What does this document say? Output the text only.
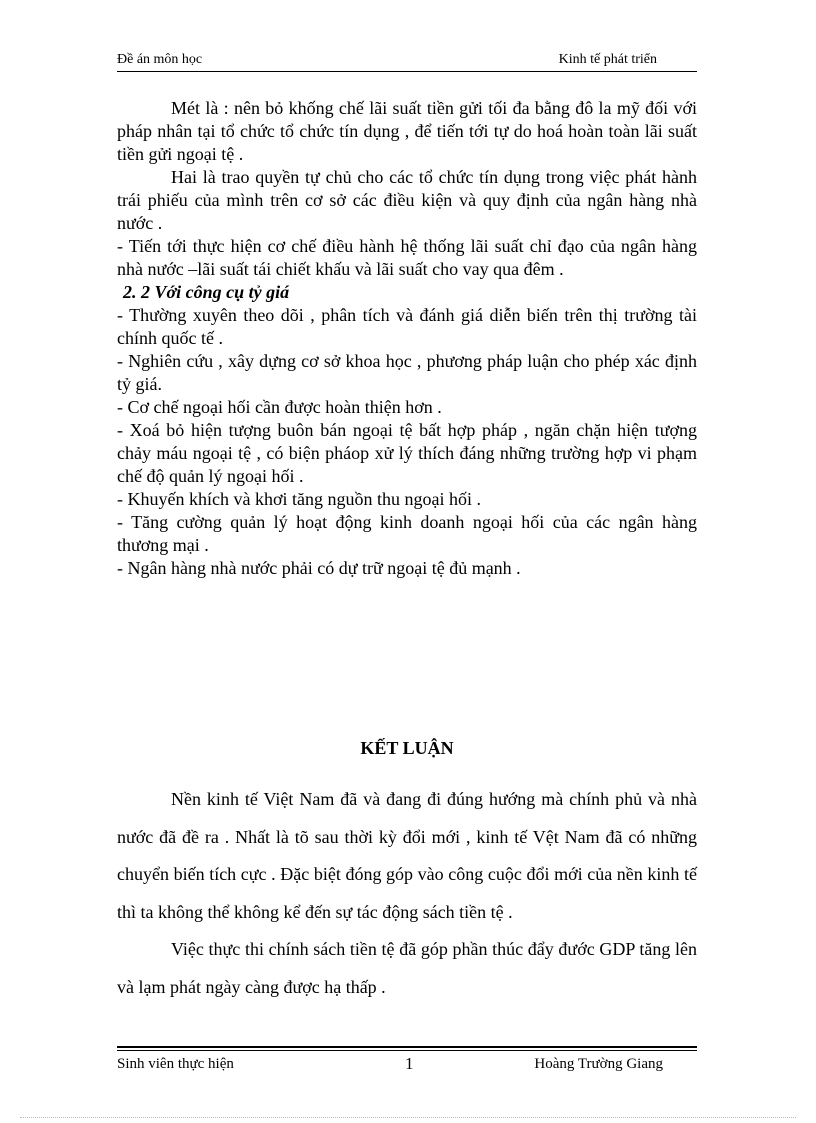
Đề án môn học	Kinh tế phát triển

Mét là : nên bỏ khống chế lãi suất tiền gửi tối đa bằng đô la mỹ đối với pháp nhân tại tổ chức tổ chức tín dụng , để tiến tới tự do hoá hoàn toàn lãi suất tiền gửi ngoại tệ .

Hai là trao quyền tự chủ cho các tổ chức tín dụng trong việc phát hành trái phiếu của mình trên cơ sở các điều kiện và quy định của ngân hàng nhà nước .

- Tiến tới thực hiện cơ chế điều hành hệ thống lãi suất chỉ đạo của ngân hàng nhà nước –lãi suất tái chiết khấu và lãi suất cho vay qua đêm .

2. 2 Với công cụ tỷ giá

- Thường xuyên theo dõi , phân tích và đánh giá diễn biến trên thị trường tài chính quốc tế .

- Nghiên cứu , xây dựng cơ sở khoa học , phương pháp luận cho phép xác định tỷ giá.

- Cơ chế ngoại hối cần được hoàn thiện hơn .

- Xoá bỏ hiện tượng buôn bán ngoại tệ bất hợp pháp , ngăn chặn hiện tượng chảy máu ngoại tệ , có biện pháop xử lý thích đáng những trường hợp vi phạm chế độ quản lý ngoại hối .

- Khuyến khích và khơi tăng nguồn thu ngoại hối .

- Tăng cường quản lý hoạt động kinh doanh ngoại hối của các ngân hàng thương mại .

- Ngân hàng nhà nước phải có dự trữ ngoại tệ đủ mạnh .

KẾT LUẬN

Nền kinh tế Việt Nam đã và đang đi đúng hướng mà chính phủ và nhà nước đã đề ra . Nhất là tõ sau thời kỳ đổi mới , kinh tế Vệt Nam đã có những chuyển biến tích cực . Đặc biệt đóng góp vào công cuộc đổi mới của nền kinh tế thì ta không thể không kể đến sự tác động sách tiền tệ .

Việc thực thi chính sách tiền tệ đã góp phần thúc đẩy đước GDP tăng lên và lạm phát ngày càng được hạ thấp .

Sinh viên thực hiện	1	Hoàng Trường Giang
